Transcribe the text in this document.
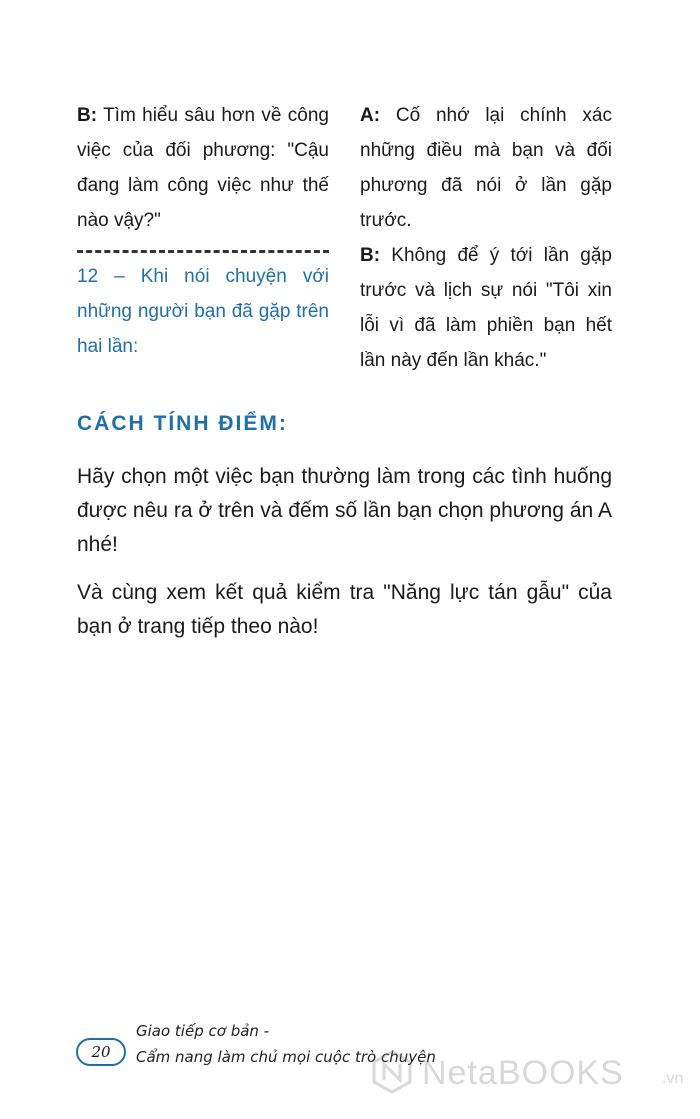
B: Tìm hiểu sâu hơn về công việc của đối phương: "Cậu đang làm công việc như thế nào vậy?"

12 – Khi nói chuyện với những người bạn đã gặp trên hai lần:

A: Cố nhớ lại chính xác những điều mà bạn và đối phương đã nói ở lần gặp trước.

B: Không để ý tới lần gặp trước và lịch sự nói "Tôi xin lỗi vì đã làm phiền bạn hết lần này đến lần khác."

CÁCH TÍNH ĐIỂM:

Hãy chọn một việc bạn thường làm trong các tình huống được nêu ra ở trên và đếm số lần bạn chọn phương án A nhé!

Và cùng xem kết quả kiểm tra "Năng lực tán gẫu" của bạn ở trang tiếp theo nào!

20
Giao tiếp cơ bản -
Cẩm nang làm chủ mọi cuộc trò chuyện
NetaBOOKS .vn
